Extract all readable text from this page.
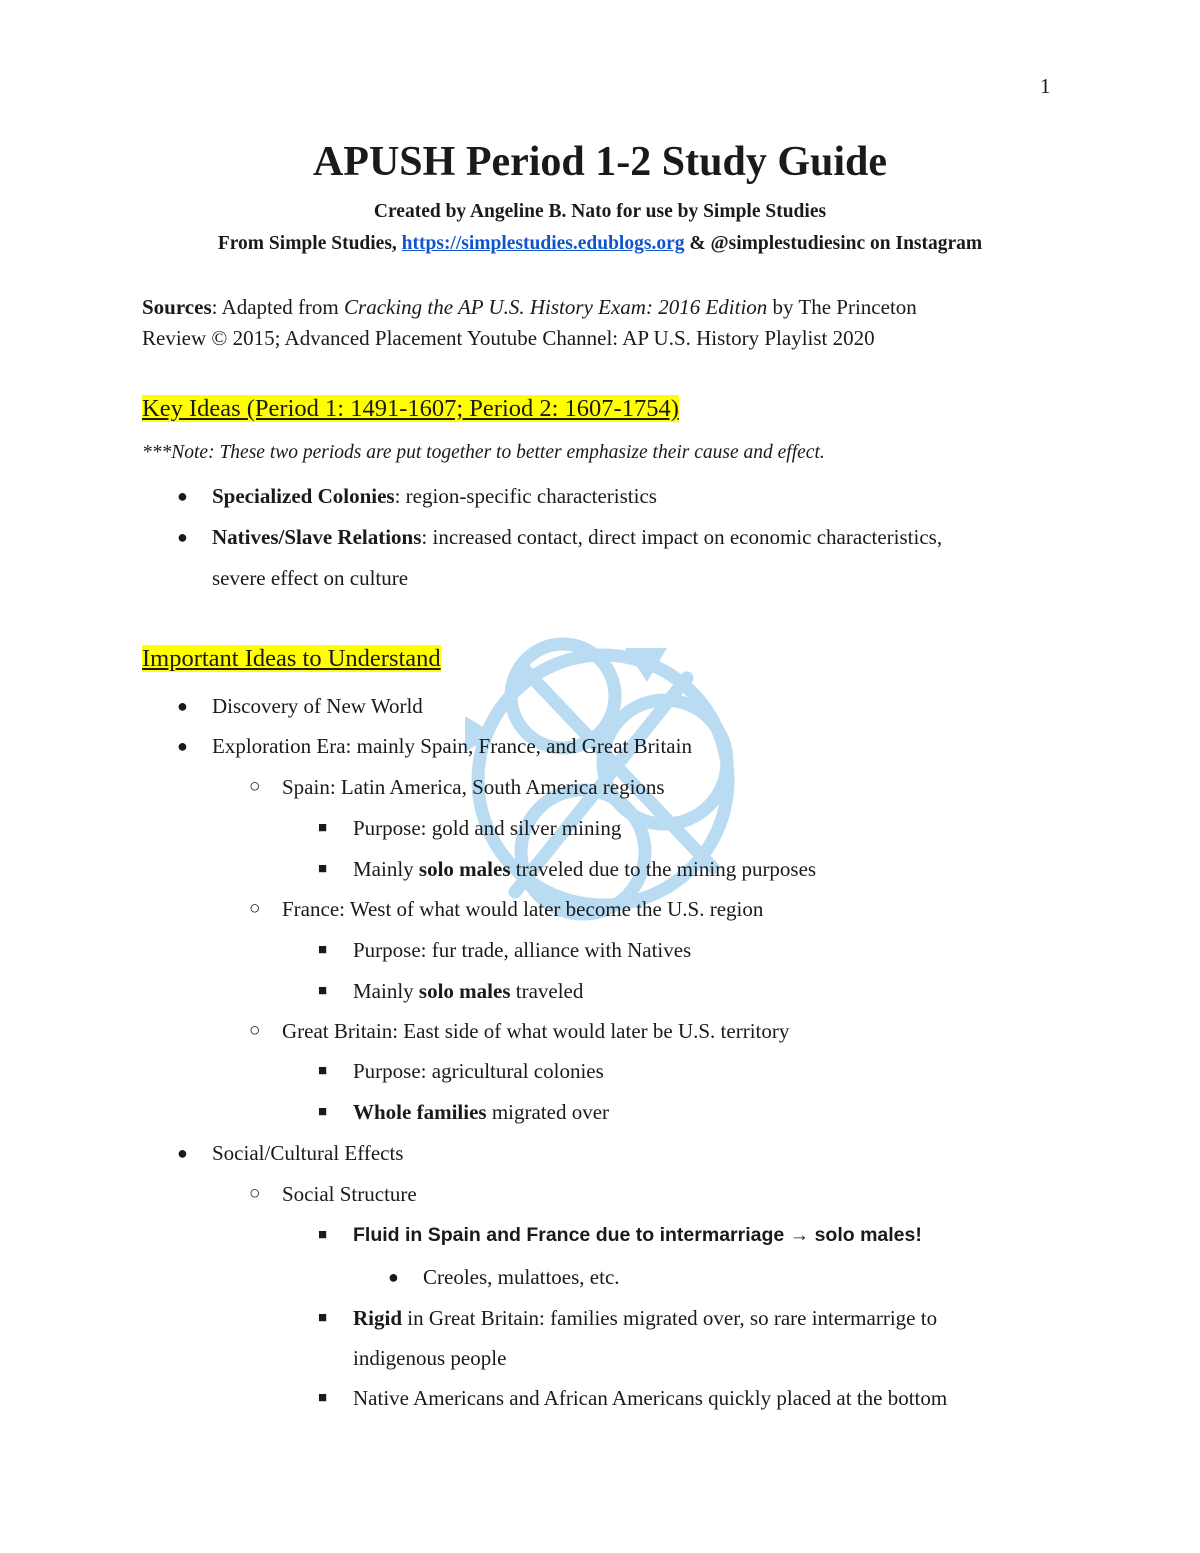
1
APUSH Period 1-2 Study Guide
Created by Angeline B. Nato for use by Simple Studies
From Simple Studies, https://simplestudies.edublogs.org & @simplestudiesinc on Instagram
Sources: Adapted from Cracking the AP U.S. History Exam: 2016 Edition by The Princeton
Review © 2015; Advanced Placement Youtube Channel: AP U.S. History Playlist 2020
Key Ideas (Period 1: 1491-1607; Period 2: 1607-1754)
***Note: These two periods are put together to better emphasize their cause and effect.
● Specialized Colonies: region-specific characteristics
● Natives/Slave Relations: increased contact, direct impact on economic characteristics,
severe effect on culture
Important Ideas to Understand
● Discovery of New World
● Exploration Era: mainly Spain, France, and Great Britain
○ Spain: Latin America, South America regions
■ Purpose: gold and silver mining
■ Mainly solo males traveled due to the mining purposes
○ France: West of what would later become the U.S. region
■ Purpose: fur trade, alliance with Natives
■ Mainly solo males traveled
○ Great Britain: East side of what would later be U.S. territory
■ Purpose: agricultural colonies
■ Whole families migrated over
● Social/Cultural Effects
○ Social Structure
■ Fluid in Spain and France due to intermarriage → solo males!
● Creoles, mulattoes, etc.
■ Rigid in Great Britain: families migrated over, so rare intermarrige to
indigenous people
■ Native Americans and African Americans quickly placed at the bottom
